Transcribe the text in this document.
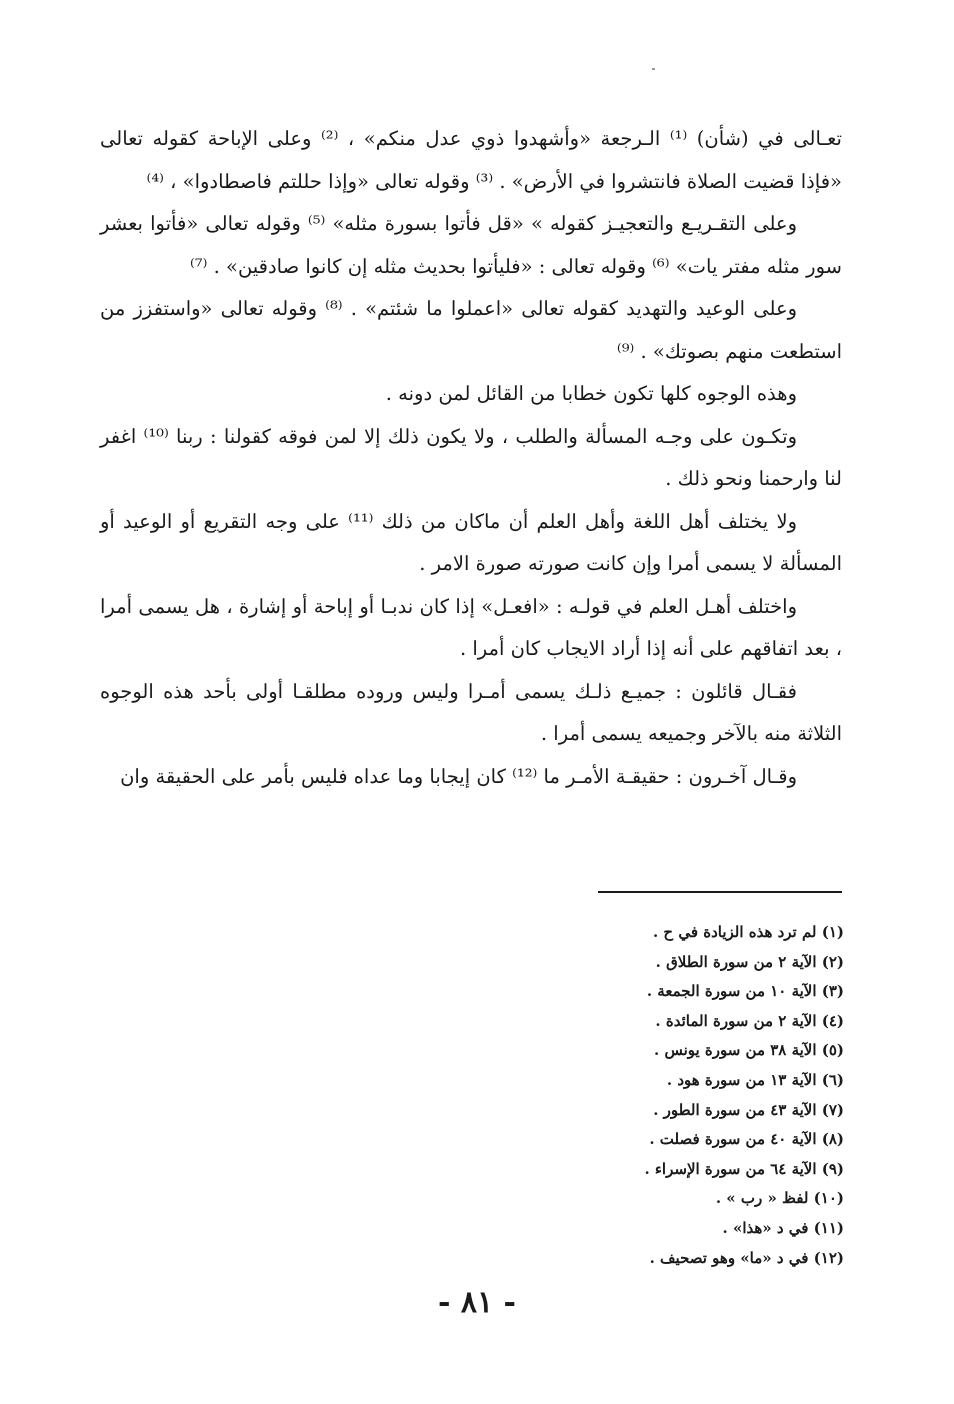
تعـالى في (شأن) ⁽¹⁾ الـرجعة «وأشهدوا ذوي عدل منكم» ، ⁽²⁾ وعلى الإباحة كقوله تعالى «فإذا قضيت الصلاة فانتشروا في الأرض» . ⁽³⁾ وقوله تعالى «وإذا حللتم فاصطادوا» ، ⁽⁴⁾

وعلى التقـريـع والتعجيـز كقوله » «قل فأتوا بسورة مثله» ⁽⁵⁾ وقوله تعالى «فأتوا بعشر سور مثله مفتر يات» ⁽⁶⁾ وقوله تعالى : «فليأتوا بحديث مثله إن كانوا صادقين» . ⁽⁷⁾

وعلى الوعيد والتهديد كقوله تعالى «اعملوا ما شئتم» . ⁽⁸⁾ وقوله تعالى «واستفزز من استطعت منهم بصوتك» . ⁽⁹⁾

وهذه الوجوه كلها تكون خطابا من القائل لمن دونه .

وتكـون على وجـه المسألة والطلب ، ولا يكون ذلك إلا لمن فوقه كقولنا : ربنا ⁽¹⁰⁾ اغفر لنا وارحمنا ونحو ذلك .

ولا يختلف أهل اللغة وأهل العلم أن ماكان من ذلك ⁽¹¹⁾ على وجه التقريع أو الوعيد أو المسألة لا يسمى أمرا وإن كانت صورته صورة الامر .

واختلف أهـل العلم في قولـه : «افعـل» إذا كان ندبـا أو إباحة أو إشارة ، هل يسمى أمرا ، بعد اتفاقهم على أنه إذا أراد الايجاب كان أمرا .

فقـال قائلون : جميـع ذلـك يسمى أمـرا وليس وروده مطلقـا أولى بأحد هذه الوجوه الثلاثة منه بالآخر وجميعه يسمى أمرا .

وقـال آخـرون : حقيقـة الأمـر ما ⁽¹²⁾ كان إيجابا وما عداه فليس بأمر على الحقيقة وان

(١) لم ترد هذه الزيادة في ح .
(٢) الآية ٢ من سورة الطلاق .
(٣) الآية ١٠ من سورة الجمعة .
(٤) الآية ٢ من سورة المائدة .
(٥) الآية ٣٨ من سورة يونس .
(٦) الآية ١٣ من سورة هود .
(٧) الآية ٤٣ من سورة الطور .
(٨) الآية ٤٠ من سورة فصلت .
(٩) الآية ٦٤ من سورة الإسراء .
(١٠) لفظ « رب » .
(١١) في د «هذا» .
(١٢) في د «ما» وهو تصحيف .
- ٨١ -
